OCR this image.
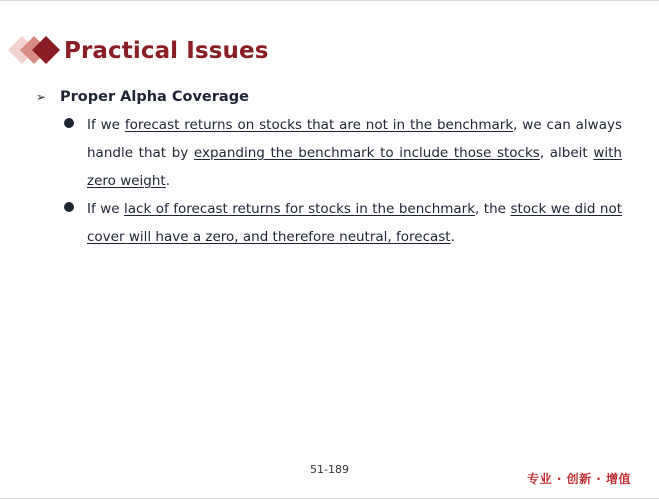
Practical Issues
➢ Proper Alpha Coverage
If we forecast returns on stocks that are not in the benchmark, we can always handle that by expanding the benchmark to include those stocks, albeit with zero weight.
If we lack of forecast returns for stocks in the benchmark, the stock we did not cover will have a zero, and therefore neutral, forecast.
51-189
专业 · 创新 · 增值
